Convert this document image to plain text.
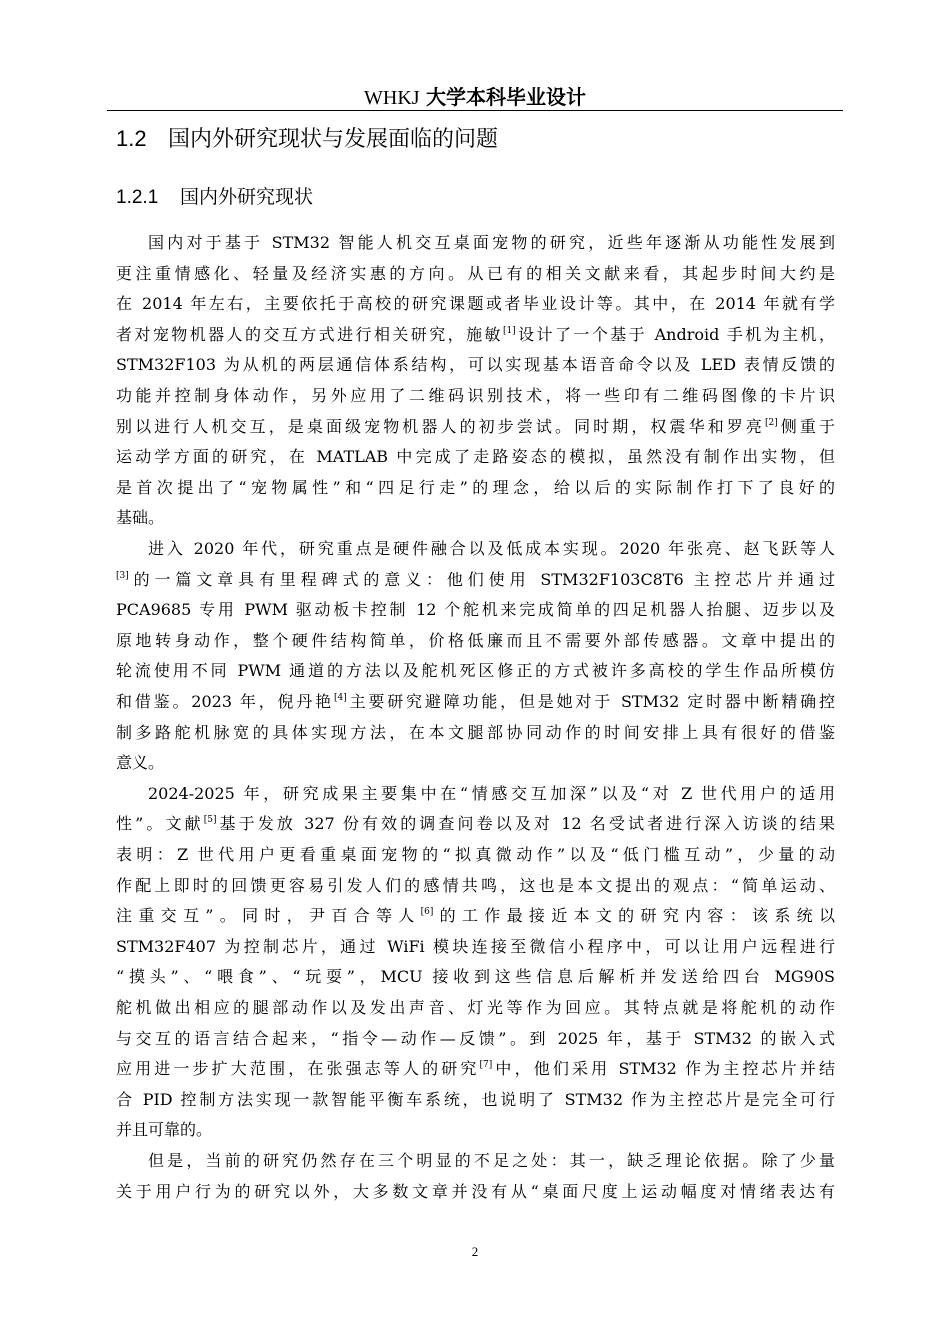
WHKJ 大学本科毕业设计
1.2 国内外研究现状与发展面临的问题
1.2.1 国内外研究现状
国内对于基于 STM32 智能人机交互桌面宠物的研究，近些年逐渐从功能性发展到
更注重情感化、轻量及经济实惠的方向。从已有的相关文献来看，其起步时间大约是
在 2014 年左右，主要依托于高校的研究课题或者毕业设计等。其中，在 2014 年就有学
者对宠物机器人的交互方式进行相关研究，施敏[1]设计了一个基于 Android 手机为主机，
STM32F103 为从机的两层通信体系结构，可以实现基本语音命令以及 LED 表情反馈的
功能并控制身体动作，另外应用了二维码识别技术，将一些印有二维码图像的卡片识
别以进行人机交互，是桌面级宠物机器人的初步尝试。同时期，权震华和罗亮[2]侧重于
运动学方面的研究，在 MATLAB 中完成了走路姿态的模拟，虽然没有制作出实物，但
是首次提出了“宠物属性”和“四足行走”的理念，给以后的实际制作打下了良好的
基础。
进入 2020 年代，研究重点是硬件融合以及低成本实现。2020 年张亮、赵飞跃等人
[3]的一篇文章具有里程碑式的意义：他们使用 STM32F103C8T6 主控芯片并通过
PCA9685 专用 PWM 驱动板卡控制 12 个舵机来完成简单的四足机器人抬腿、迈步以及
原地转身动作，整个硬件结构简单，价格低廉而且不需要外部传感器。文章中提出的
轮流使用不同 PWM 通道的方法以及舵机死区修正的方式被许多高校的学生作品所模仿
和借鉴。2023 年，倪丹艳[4]主要研究避障功能，但是她对于 STM32 定时器中断精确控
制多路舵机脉宽的具体实现方法，在本文腿部协同动作的时间安排上具有很好的借鉴
意义。
2024-2025 年，研究成果主要集中在“情感交互加深”以及“对 Z 世代用户的适用
性”。文献[5]基于发放 327 份有效的调查问卷以及对 12 名受试者进行深入访谈的结果
表明：Z 世代用户更看重桌面宠物的“拟真微动作”以及“低门槛互动”，少量的动
作配上即时的回馈更容易引发人们的感情共鸣，这也是本文提出的观点：“简单运动、
注重交互”。同时，尹百合等人[6]的工作最接近本文的研究内容：该系统以
STM32F407 为控制芯片，通过 WiFi 模块连接至微信小程序中，可以让用户远程进行
“摸头”、“喂食”、“玩耍”，MCU 接收到这些信息后解析并发送给四台 MG90S
舵机做出相应的腿部动作以及发出声音、灯光等作为回应。其特点就是将舵机的动作
与交互的语言结合起来，“指令—动作—反馈”。到 2025 年，基于 STM32 的嵌入式
应用进一步扩大范围，在张强志等人的研究[7]中，他们采用 STM32 作为主控芯片并结
合 PID 控制方法实现一款智能平衡车系统，也说明了 STM32 作为主控芯片是完全可行
并且可靠的。
但是，当前的研究仍然存在三个明显的不足之处：其一，缺乏理论依据。除了少量
关于用户行为的研究以外，大多数文章并没有从“桌面尺度上运动幅度对情绪表达有
2
